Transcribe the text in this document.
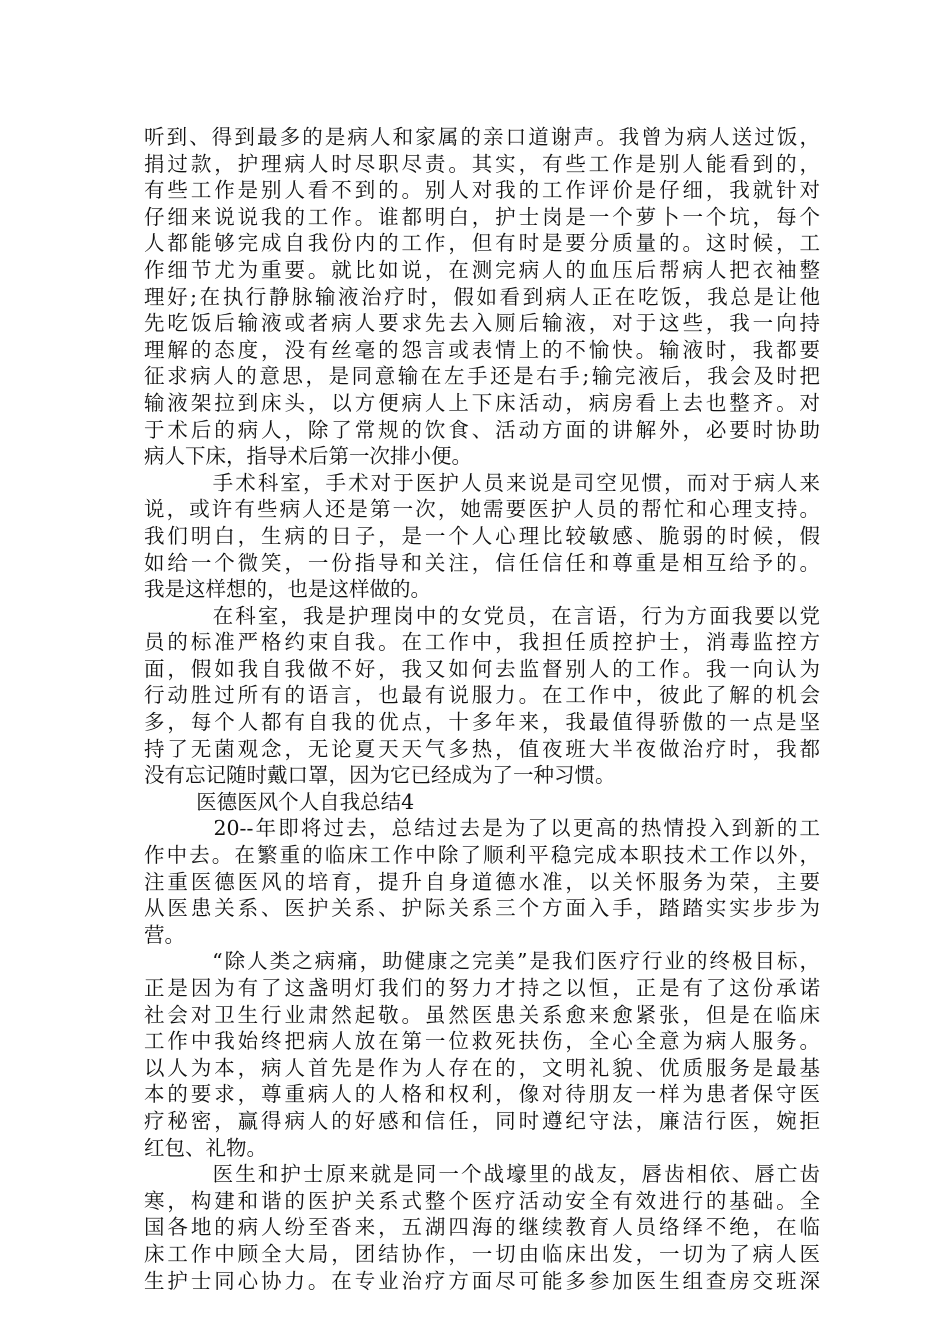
听到、得到最多的是病人和家属的亲口道谢声。我曾为病人送过饭，
捐过款，护理病人时尽职尽责。其实，有些工作是别人能看到的，
有些工作是别人看不到的。别人对我的工作评价是仔细，我就针对
仔细来说说我的工作。谁都明白，护士岗是一个萝卜一个坑，每个
人都能够完成自我份内的工作，但有时是要分质量的。这时候，工
作细节尤为重要。就比如说，在测完病人的血压后帮病人把衣袖整
理好;在执行静脉输液治疗时，假如看到病人正在吃饭，我总是让他
先吃饭后输液或者病人要求先去入厕后输液，对于这些，我一向持
理解的态度，没有丝毫的怨言或表情上的不愉快。输液时，我都要
征求病人的意思，是同意输在左手还是右手;输完液后，我会及时把
输液架拉到床头，以方便病人上下床活动，病房看上去也整齐。对
于术后的病人，除了常规的饮食、活动方面的讲解外，必要时协助
病人下床，指导术后第一次排小便。
手术科室，手术对于医护人员来说是司空见惯，而对于病人来
说，或许有些病人还是第一次，她需要医护人员的帮忙和心理支持。
我们明白，生病的日子，是一个人心理比较敏感、脆弱的时候，假
如给一个微笑，一份指导和关注，信任信任和尊重是相互给予的。
我是这样想的，也是这样做的。
在科室，我是护理岗中的女党员，在言语，行为方面我要以党
员的标准严格约束自我。在工作中，我担任质控护士，消毒监控方
面，假如我自我做不好，我又如何去监督别人的工作。我一向认为
行动胜过所有的语言，也最有说服力。在工作中，彼此了解的机会
多，每个人都有自我的优点，十多年来，我最值得骄傲的一点是坚
持了无菌观念，无论夏天天气多热，值夜班大半夜做治疗时，我都
没有忘记随时戴口罩，因为它已经成为了一种习惯。
医德医风个人自我总结4
20--年即将过去，总结过去是为了以更高的热情投入到新的工
作中去。在繁重的临床工作中除了顺利平稳完成本职技术工作以外，
注重医德医风的培育，提升自身道德水准，以关怀服务为荣，主要
从医患关系、医护关系、护际关系三个方面入手，踏踏实实步步为
营。
“除人类之病痛，助健康之完美”是我们医疗行业的终极目标，
正是因为有了这盏明灯我们的努力才持之以恒，正是有了这份承诺
社会对卫生行业肃然起敬。虽然医患关系愈来愈紧张，但是在临床
工作中我始终把病人放在第一位救死扶伤，全心全意为病人服务。
以人为本，病人首先是作为人存在的，文明礼貌、优质服务是最基
本的要求，尊重病人的人格和权利，像对待朋友一样为患者保守医
疗秘密，赢得病人的好感和信任，同时遵纪守法，廉洁行医，婉拒
红包、礼物。
医生和护士原来就是同一个战壕里的战友，唇齿相依、唇亡齿
寒，构建和谐的医护关系式整个医疗活动安全有效进行的基础。全
国各地的病人纷至沓来，五湖四海的继续教育人员络绎不绝，在临
床工作中顾全大局，团结协作，一切由临床出发，一切为了病人医
生护士同心协力。在专业治疗方面尽可能多参加医生组查房交班深
